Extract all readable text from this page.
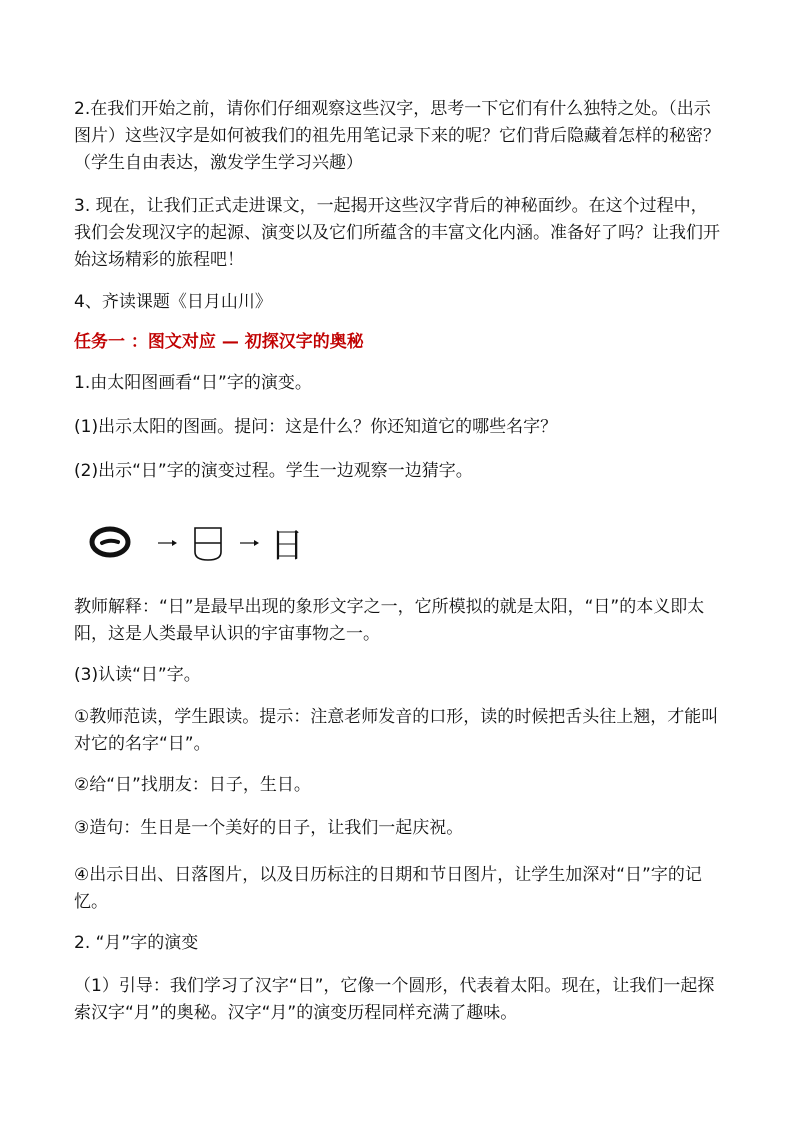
2.在我们开始之前，请你们仔细观察这些汉字，思考一下它们有什么独特之处。（出示图片）这些汉字是如何被我们的祖先用笔记录下来的呢？它们背后隐藏着怎样的秘密？（学生自由表达，激发学生学习兴趣）

3. 现在，让我们正式走进课文，一起揭开这些汉字背后的神秘面纱。在这个过程中，我们会发现汉字的起源、演变以及它们所蕴含的丰富文化内涵。准备好了吗？让我们开始这场精彩的旅程吧！

4、齐读课题《日月山川》

任务一 ：图文对应 — 初探汉字的奥秘

1.由太阳图画看“日”字的演变。

(1)出示太阳的图画。提问：这是什么？你还知道它的哪些名字？

(2)出示“日”字的演变过程。学生一边观察一边猜字。

日

教师解释：“日”是最早出现的象形文字之一，它所模拟的就是太阳，“日”的本义即太阳，这是人类最早认识的宇宙事物之一。

(3)认读“日”字。

①教师范读，学生跟读。提示：注意老师发音的口形，读的时候把舌头往上翘，才能叫对它的名字“日”。

②给“日”找朋友：日子，生日。

③造句：生日是一个美好的日子，让我们一起庆祝。

④出示日出、日落图片，以及日历标注的日期和节日图片，让学生加深对“日”字的记忆。

2. “月”字的演变

（1）引导：我们学习了汉字“日”，它像一个圆形，代表着太阳。现在，让我们一起探索汉字“月”的奥秘。汉字“月”的演变历程同样充满了趣味。
